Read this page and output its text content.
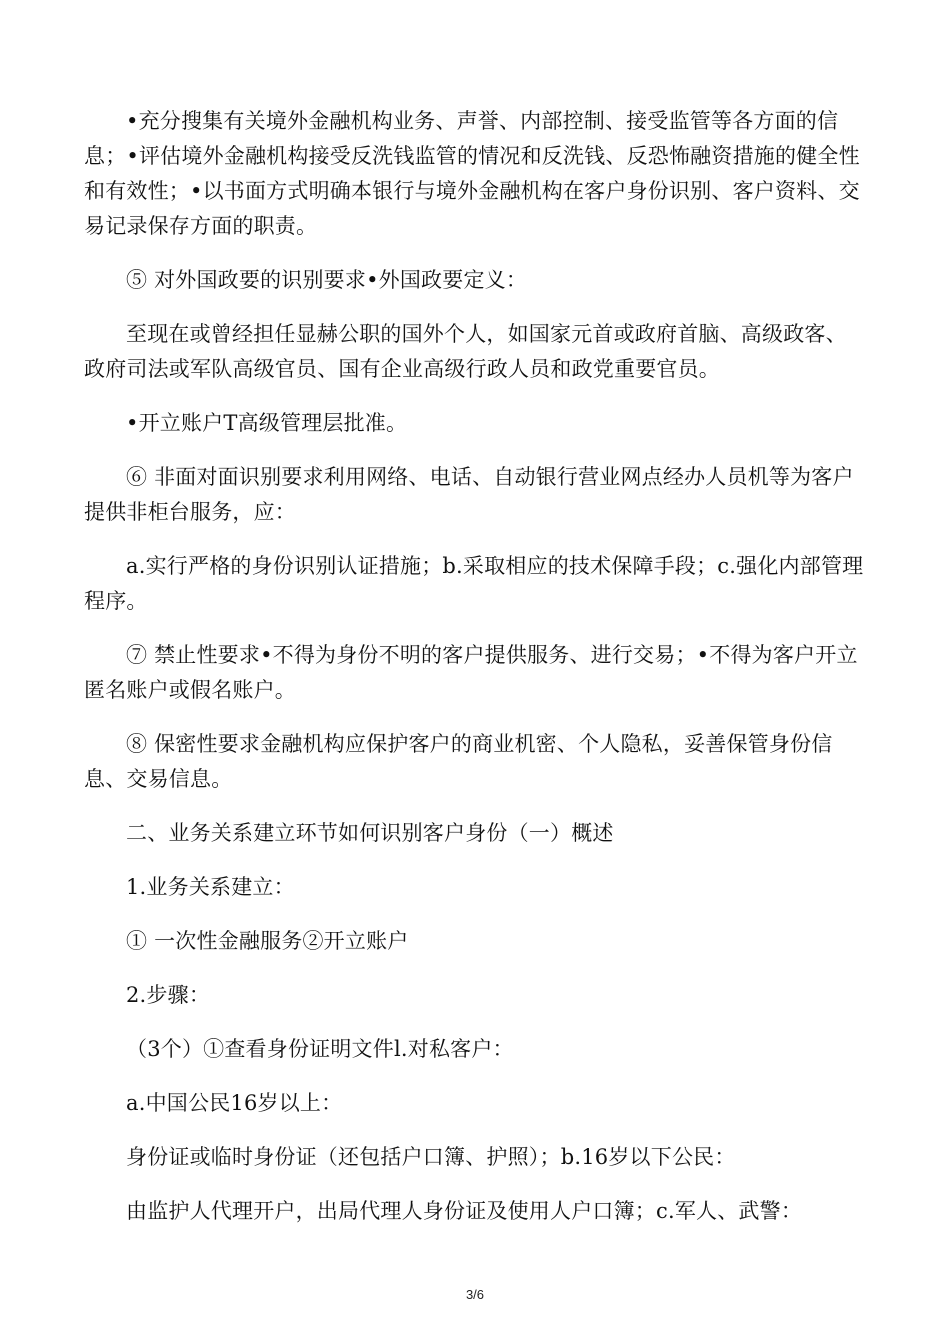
•充分搜集有关境外金融机构业务、声誉、内部控制、接受监管等各方面的信息；•评估境外金融机构接受反洗钱监管的情况和反洗钱、反恐怖融资措施的健全性和有效性；•以书面方式明确本银行与境外金融机构在客户身份识别、客户资料、交易记录保存方面的职责。

⑤ 对外国政要的识别要求•外国政要定义：

至现在或曾经担任显赫公职的国外个人，如国家元首或政府首脑、高级政客、政府司法或军队高级官员、国有企业高级行政人员和政党重要官员。

•开立账户T高级管理层批准。

⑥ 非面对面识别要求利用网络、电话、自动银行营业网点经办人员机等为客户提供非柜台服务，应：

a.实行严格的身份识别认证措施；b.采取相应的技术保障手段；c.强化内部管理程序。

⑦ 禁止性要求•不得为身份不明的客户提供服务、进行交易；•不得为客户开立匿名账户或假名账户。

⑧ 保密性要求金融机构应保护客户的商业机密、个人隐私，妥善保管身份信息、交易信息。

二、业务关系建立环节如何识别客户身份（一）概述

1.业务关系建立：

① 一次性金融服务②开立账户

2.步骤：

（3个）①查看身份证明文件l.对私客户：

a.中国公民16岁以上：

身份证或临时身份证（还包括户口簿、护照）；b.16岁以下公民：

由监护人代理开户，出局代理人身份证及使用人户口簿；c.军人、武警：

3/6
